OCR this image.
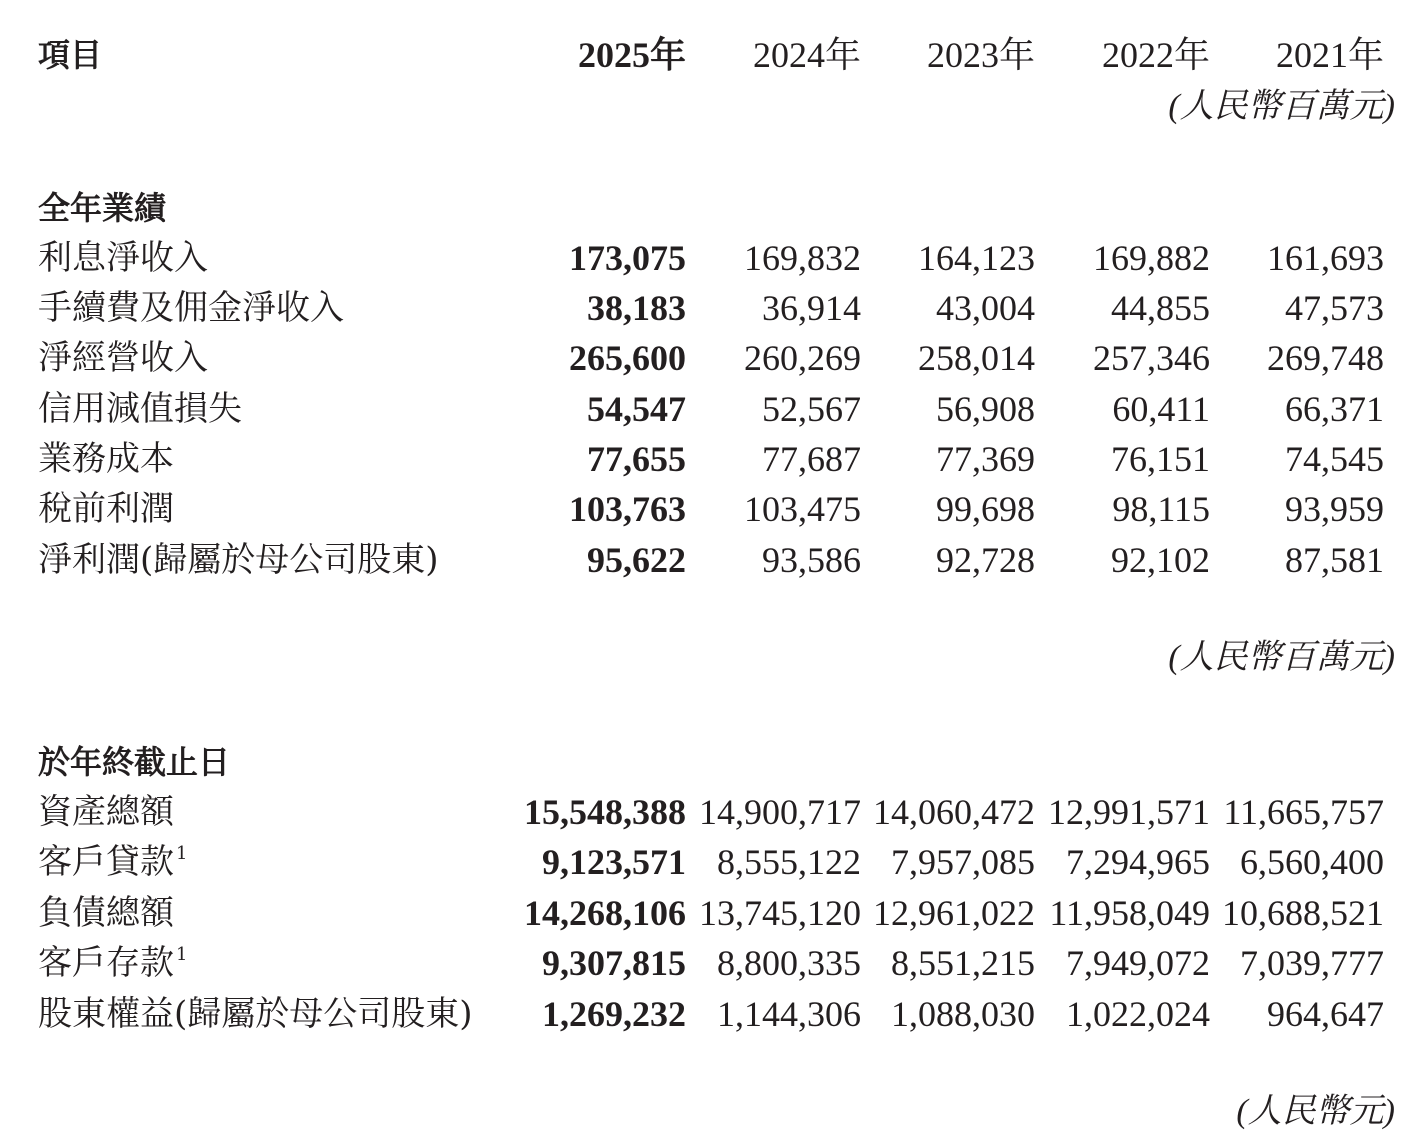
項目	2025年 2024年 2023年 2022年 2021年
(人民幣百萬元)
全年業績
利息淨收入	173,075 169,832 164,123 169,882 161,693
手續費及佣金淨收入	38,183 36,914 43,004 44,855 47,573
淨經營收入	265,600 260,269 258,014 257,346 269,748
信用減值損失	54,547 52,567 56,908 60,411 66,371
業務成本	77,655 77,687 77,369 76,151 74,545
稅前利潤	103,763 103,475 99,698 98,115 93,959
淨利潤(歸屬於母公司股東)	95,622 93,586 92,728 92,102 87,581
(人民幣百萬元)
於年終截止日
資產總額	15,548,388 14,900,717 14,060,472 12,991,571 11,665,757
客戶貸款 $^1$	9,123,571 8,555,122 7,957,085 7,294,965 6,560,400
負債總額	14,268,106 13,745,120 12,961,022 11,958,049 10,688,521
客戶存款 $^1$	9,307,815 8,800,335 8,551,215 7,949,072 7,039,777
股東權益(歸屬於母公司股東) 1,269,232 1,144,306 1,088,030 1,022,024 964,647
(人民幣元)
